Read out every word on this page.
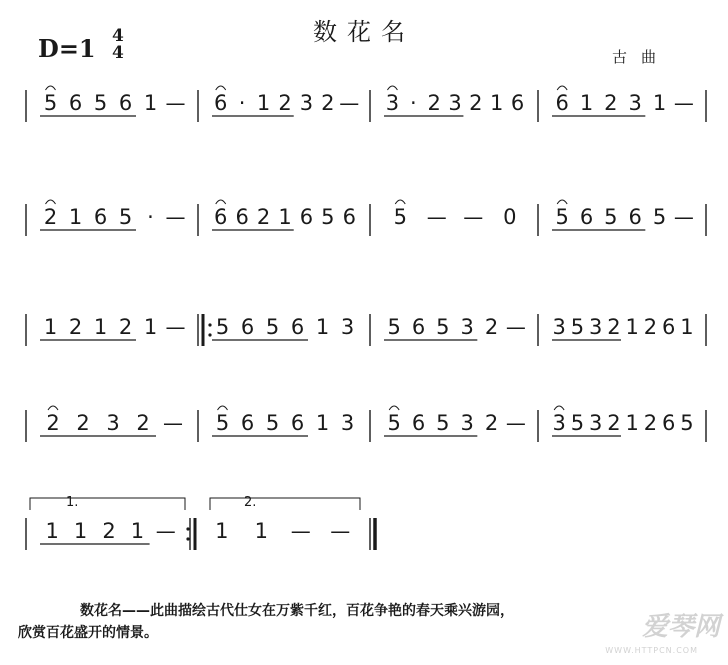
数花名
D=1 4
4	古曲
5 6 5 6 1 — 6 · 1 2 3 2 — 3 · 2 3 2 1 6 6 1 2 3 1 —
2 1 6 5 · — 6 6 2 1 6 5 6 5 — — 0 5 6 5 6 5 —
1 2 1 2 1 — 5 6 5 6 1 3 5 6 5 3 2 — 3 5 3 2 1 2 6 1
2 2 3 2 — 5 6 5 6 1 3 5 6 5 3 2 — 3 5 3 2 1 2 6 5
1 1 2 1 — 1 1 — —
1.	2.
数花名——此曲描绘古代仕女在万紫千红，百花争艳的春天乘兴游园，
欣赏百花盛开的情景。	爱琴网
WWW.HTTPCN.COM
